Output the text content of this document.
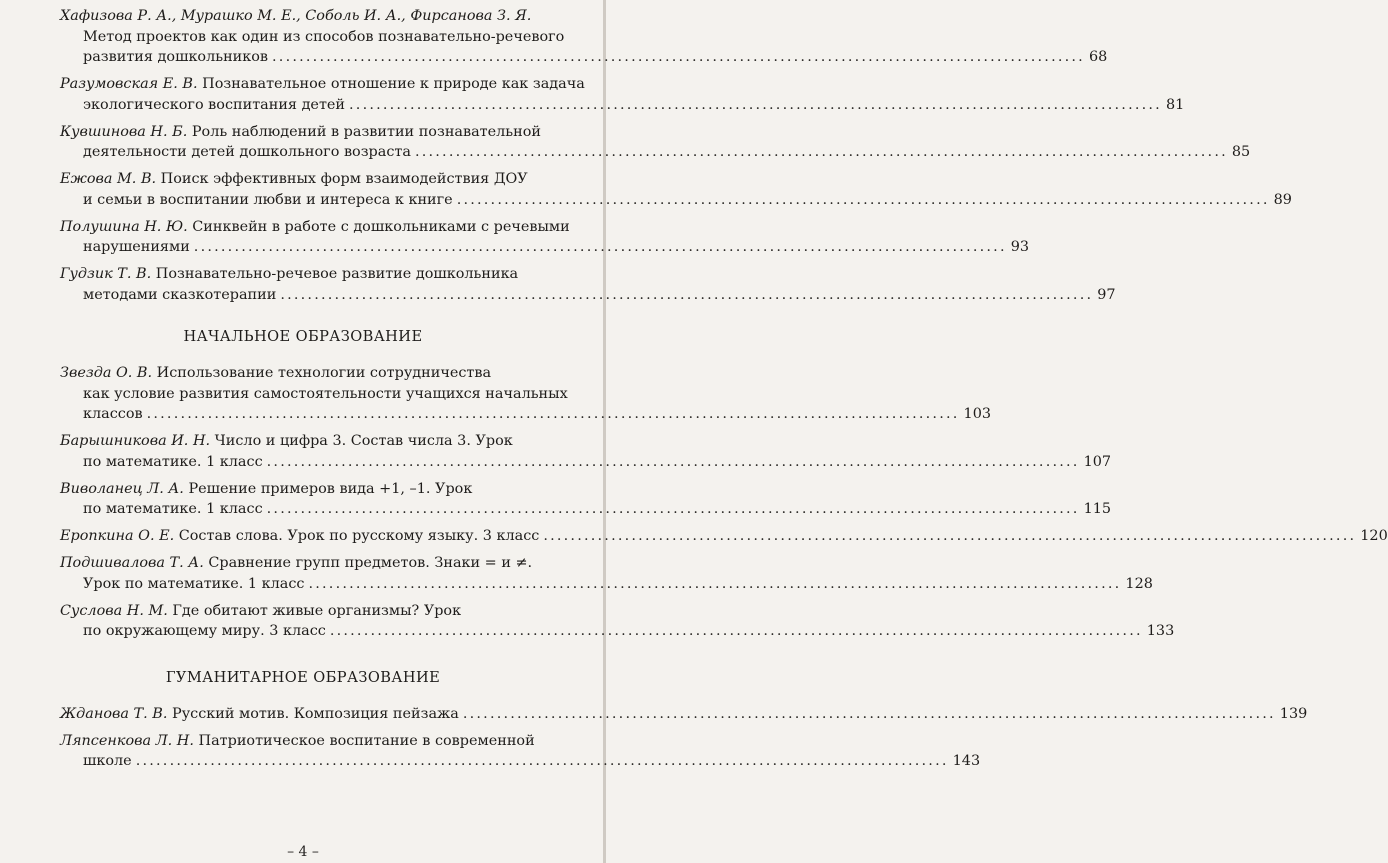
Хафизова Р. А., Мурашко М. Е., Соболь И. А., Фирсанова З. Я.
Метод проектов как один из способов познавательно-речевого
развития дошкольников ........................................................................................................................ 68
Разумовская Е. В. Познавательное отношение к природе как задача
экологического воспитания детей ........................................................................................................................ 81
Кувшинова Н. Б. Роль наблюдений в развитии познавательной
деятельности детей дошкольного возраста ........................................................................................................................ 85
Ежова М. В. Поиск эффективных форм взаимодействия ДОУ
и семьи в воспитании любви и интереса к книге ........................................................................................................................ 89
Полушина Н. Ю. Синквейн в работе с дошкольниками с речевыми
нарушениями ........................................................................................................................ 93
Гудзик Т. В. Познавательно-речевое развитие дошкольника
методами сказкотерапии ........................................................................................................................ 97
НАЧАЛЬНОЕ ОБРАЗОВАНИЕ
Звезда О. В. Использование технологии сотрудничества
как условие развития самостоятельности учащихся начальных
классов ........................................................................................................................ 103
Барышникова И. Н. Число и цифра 3. Состав числа 3. Урок
по математике. 1 класс ........................................................................................................................ 107
Виволанец Л. А. Решение примеров вида +1, –1. Урок
по математике. 1 класс ........................................................................................................................ 115
Еропкина О. Е. Состав слова. Урок по русскому языку. 3 класс ........................................................................................................................ 120
Подшивалова Т. А. Сравнение групп предметов. Знаки = и ≠.
Урок по математике. 1 класс ........................................................................................................................ 128
Суслова Н. М. Где обитают живые организмы? Урок
по окружающему миру. 3 класс ........................................................................................................................ 133
ГУМАНИТАРНОЕ ОБРАЗОВАНИЕ
Жданова Т. В. Русский мотив. Композиция пейзажа ........................................................................................................................ 139
Ляпсенкова Л. Н. Патриотическое воспитание в современной
школе ........................................................................................................................ 143
– 4 –
